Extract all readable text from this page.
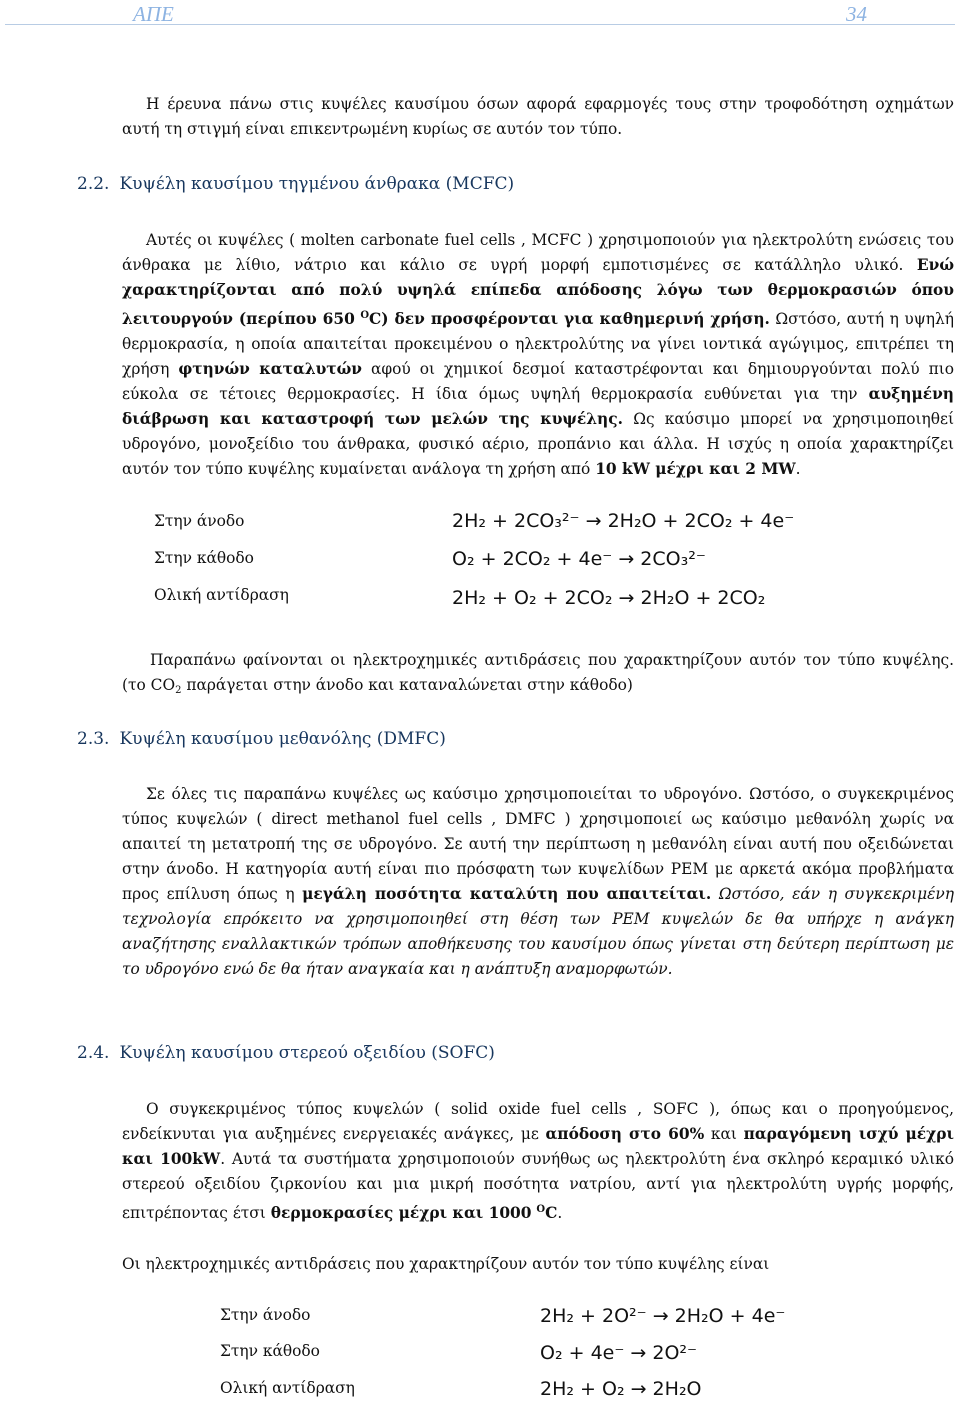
ΑΠΕ	34

Η έρευνα πάνω στις κυψέλες καυσίμου όσων αφορά εφαρμογές τους στην τροφοδότηση οχημάτων αυτή τη στιγμή είναι επικεντρωμένη κυρίως σε αυτόν τον τύπο.

2.2. Κυψέλη καυσίμου τηγμένου άνθρακα (MCFC)

Αυτές οι κυψέλες ( molten carbonate fuel cells , MCFC ) χρησιμοποιούν για ηλεκτρολύτη ενώσεις του άνθρακα με λίθιο, νάτριο και κάλιο σε υγρή μορφή εμποτισμένες σε κατάλληλο υλικό. Ενώ χαρακτηρίζονται από πολύ υψηλά επίπεδα απόδοσης λόγω των θερμοκρασιών όπου λειτουργούν (περίπου 650 $^O$C) δεν προσφέρονται για καθημερινή χρήση. Ωστόσο, αυτή η υψηλή θερμοκρασία, η οποία απαιτείται προκειμένου ο ηλεκτρολύτης να γίνει ιοντικά αγώγιμος, επιτρέπει τη χρήση φτηνών καταλυτών αφού οι χημικοί δεσμοί καταστρέφονται και δημιουργούνται πολύ πιο εύκολα σε τέτοιες θερμοκρασίες. Η ίδια όμως υψηλή θερμοκρασία ευθύνεται για την αυξημένη διάβρωση και καταστροφή των μελών της κυψέλης. Ως καύσιμο μπορεί να χρησιμοποιηθεί υδρογόνο, μονοξείδιο του άνθρακα, φυσικό αέριο, προπάνιο και άλλα. Η ισχύς η οποία χαρακτηρίζει αυτόν τον τύπο κυψέλης κυμαίνεται ανάλογα τη χρήση από 10 kW μέχρι και 2 MW.

Στην άνοδο
Στην κάθοδο
Ολική αντίδραση
2H₂ + 2CO₃²⁻ → 2H₂O + 2CO₂ + 4e⁻
O₂ + 2CO₂ + 4e⁻ → 2CO₃²⁻
2H₂ + O₂ + 2CO₂ → 2H₂O + 2CO₂

Παραπάνω φαίνονται οι ηλεκτροχημικές αντιδράσεις που χαρακτηρίζουν αυτόν τον τύπο κυψέλης. (το $CO_2$ παράγεται στην άνοδο και καταναλώνεται στην κάθοδο)

2.3. Κυψέλη καυσίμου μεθανόλης (DMFC)

Σε όλες τις παραπάνω κυψέλες ως καύσιμο χρησιμοποιείται το υδρογόνο. Ωστόσο, ο συγκεκριμένος τύπος κυψελών ( direct methanol fuel cells , DMFC ) χρησιμοποιεί ως καύσιμο μεθανόλη χωρίς να απαιτεί τη μετατροπή της σε υδρογόνο. Σε αυτή την περίπτωση η μεθανόλη είναι αυτή που οξειδώνεται στην άνοδο. Η κατηγορία αυτή είναι πιο πρόσφατη των κυψελίδων PEM με αρκετά ακόμα προβλήματα προς επίλυση όπως η μεγάλη ποσότητα καταλύτη που απαιτείται. Ωστόσο, εάν η συγκεκριμένη τεχνολογία επρόκειτο να χρησιμοποιηθεί στη θέση των PEM κυψελών δε θα υπήρχε η ανάγκη αναζήτησης εναλλακτικών τρόπων αποθήκευσης του καυσίμου όπως γίνεται στη δεύτερη περίπτωση με το υδρογόνο ενώ δε θα ήταν αναγκαία και η ανάπτυξη αναμορφωτών.

2.4. Κυψέλη καυσίμου στερεού οξειδίου (SOFC)

Ο συγκεκριμένος τύπος κυψελών ( solid oxide fuel cells , SOFC ), όπως και ο προηγούμενος, ενδείκνυται για αυξημένες ενεργειακές ανάγκες, με απόδοση στο 60% και παραγόμενη ισχύ μέχρι και 100kW. Αυτά τα συστήματα χρησιμοποιούν συνήθως ως ηλεκτρολύτη ένα σκληρό κεραμικό υλικό στερεού οξειδίου ζιρκονίου και μια μικρή ποσότητα νατρίου, αντί για ηλεκτρολύτη υγρής μορφής, επιτρέποντας έτσι θερμοκρασίες μέχρι και 1000 $^O$C.

Οι ηλεκτροχημικές αντιδράσεις που χαρακτηρίζουν αυτόν τον τύπο κυψέλης είναι

Στην άνοδο
Στην κάθοδο
Ολική αντίδραση
2H₂ + 2O²⁻ → 2H₂O + 4e⁻
O₂ + 4e⁻ → 2O²⁻
2H₂ + O₂ → 2H₂O
